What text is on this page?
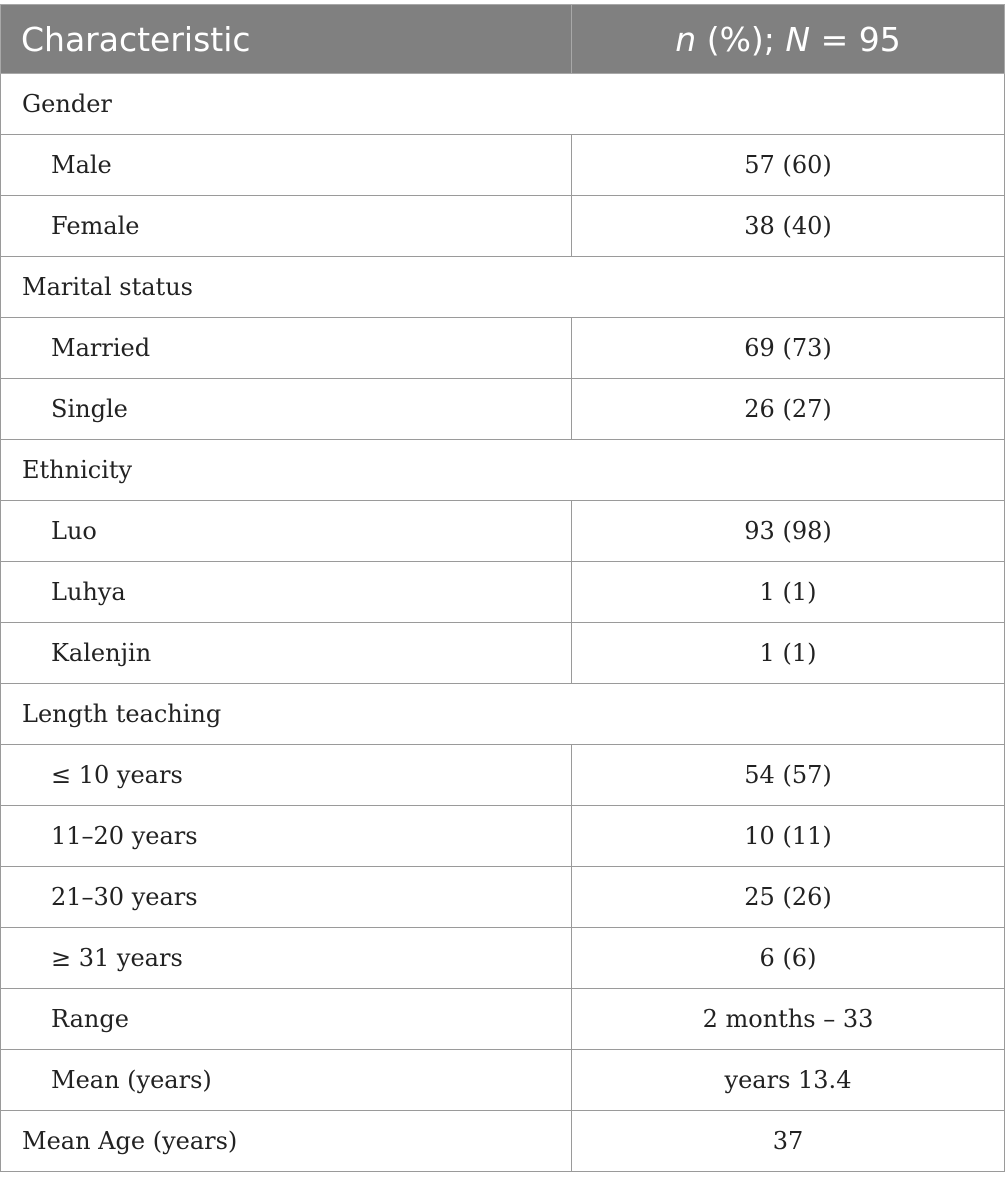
Characteristic	n (%); N = 95
Gender	
Male	57 (60)
Female	38 (40)
Marital status	
Married	69 (73)
Single	26 (27)
Ethnicity	
Luo	93 (98)
Luhya	1 (1)
Kalenjin	1 (1)
Length teaching	
≤ 10 years	54 (57)
11–20 years	10 (11)
21–30 years	25 (26)
≥ 31 years	6 (6)
Range	2 months – 33
Mean (years)	years 13.4
Mean Age (years)	37
